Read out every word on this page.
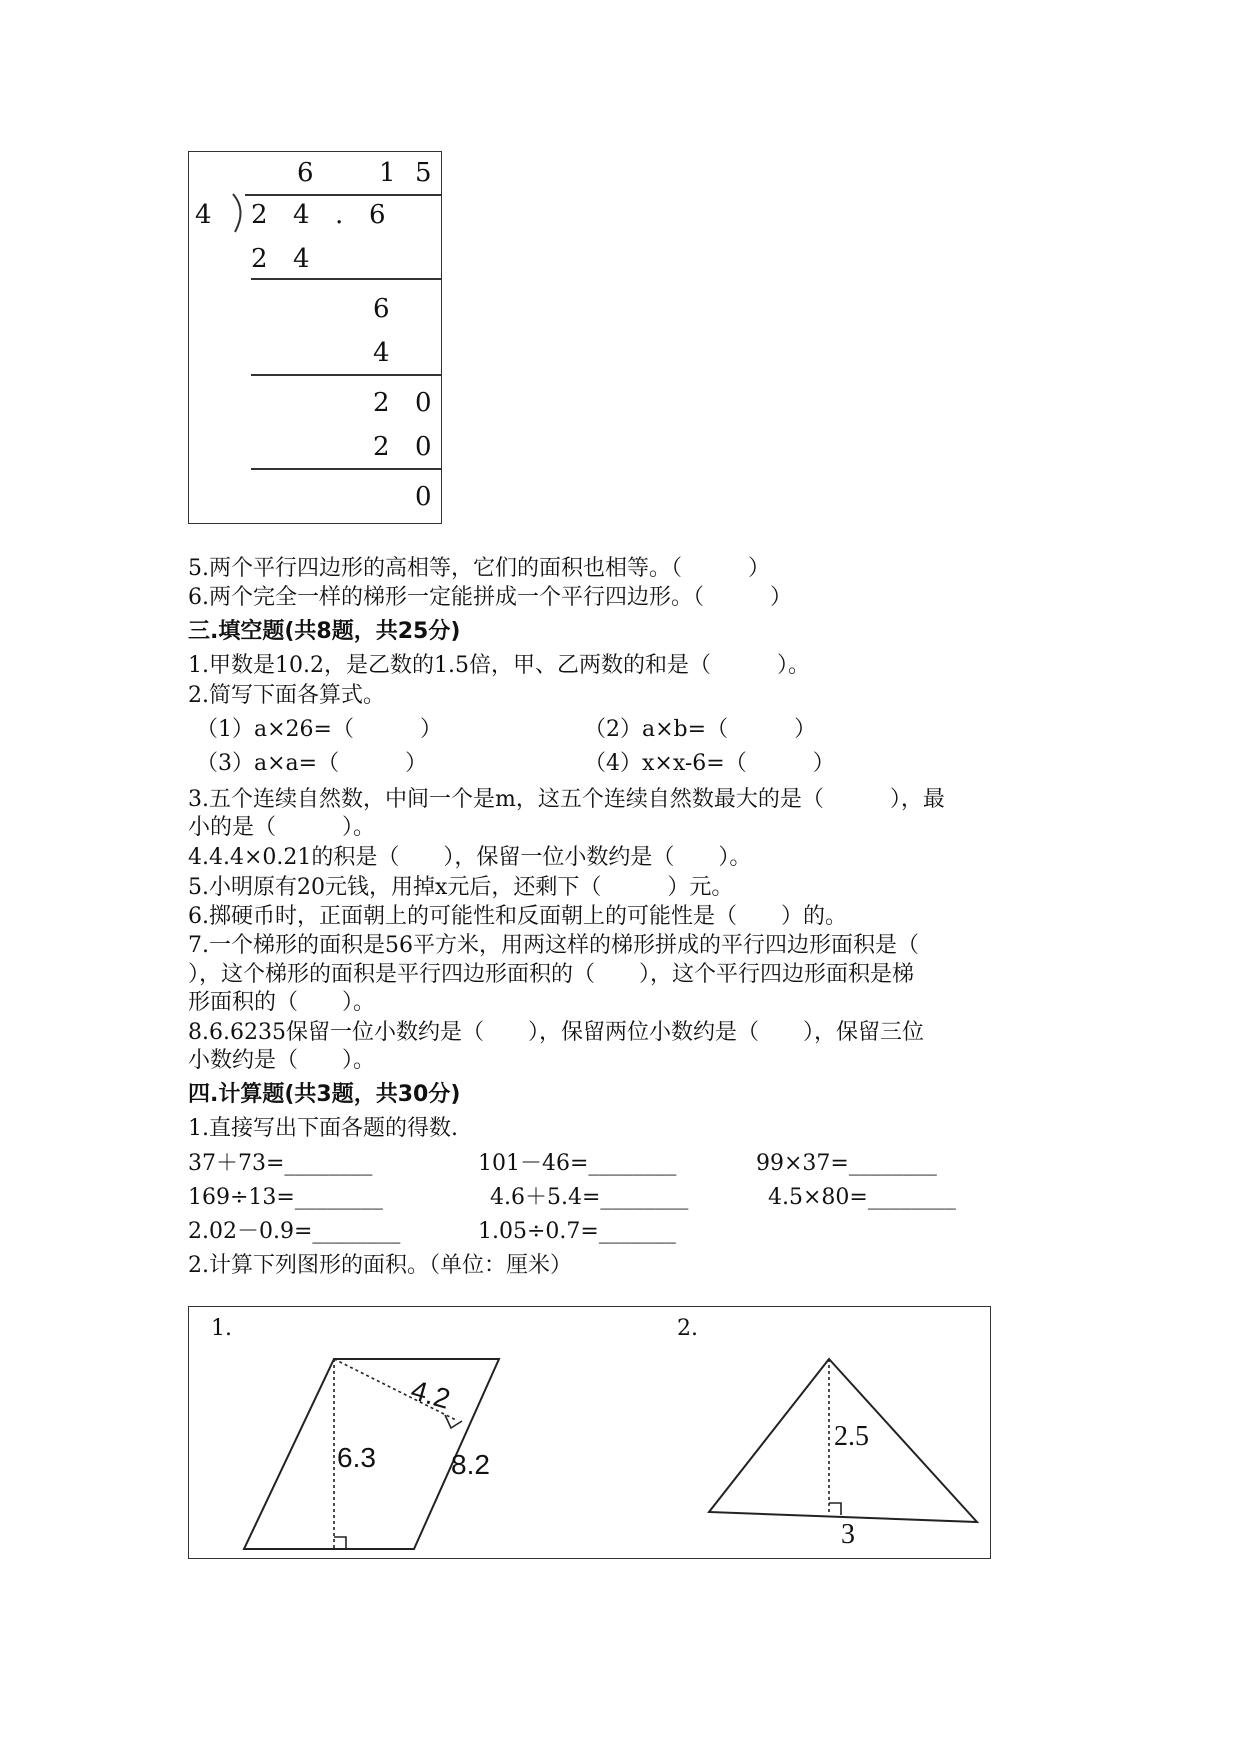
6	1 5
4 2 4 . 6
2 4
6
4
2 0
2 0
0
5.两个平行四边形的高相等，它们的面积也相等。（　　　）
6.两个完全一样的梯形一定能拼成一个平行四边形。（　　　）
三.填空题(共8题，共25分)
1.甲数是10.2，是乙数的1.5倍，甲、乙两数的和是（　　　）。
2.简写下面各算式。
（1）a×26=（　　　）	（2）a×b=（　　　）
（3）a×a=（　　　）	（4）x×x-6=（　　　）
3.五个连续自然数，中间一个是m，这五个连续自然数最大的是（　　　），最
小的是（　　　）。
4.4.4×0.21的积是（　　），保留一位小数约是（　　）。
5.小明原有20元钱，用掉x元后，还剩下（　　　）元。
6.掷硬币时，正面朝上的可能性和反面朝上的可能性是（　　）的。
7.一个梯形的面积是56平方米，用两这样的梯形拼成的平行四边形面积是（
），这个梯形的面积是平行四边形面积的（　　），这个平行四边形面积是梯
形面积的（　　）。
8.6.6235保留一位小数约是（　　），保留两位小数约是（　　），保留三位
小数约是（　　）。
四.计算题(共3题，共30分)
1.直接写出下面各题的得数.
37＋73=________	101－46=________	99×37=________
169÷13=________	4.6＋5.4=________	4.5×80=________
2.02－0.9=________	1.05÷0.7=_______
2.计算下列图形的面积。（单位：厘米）
1.	2.
6.3
4.2
8.2
2.5
3
